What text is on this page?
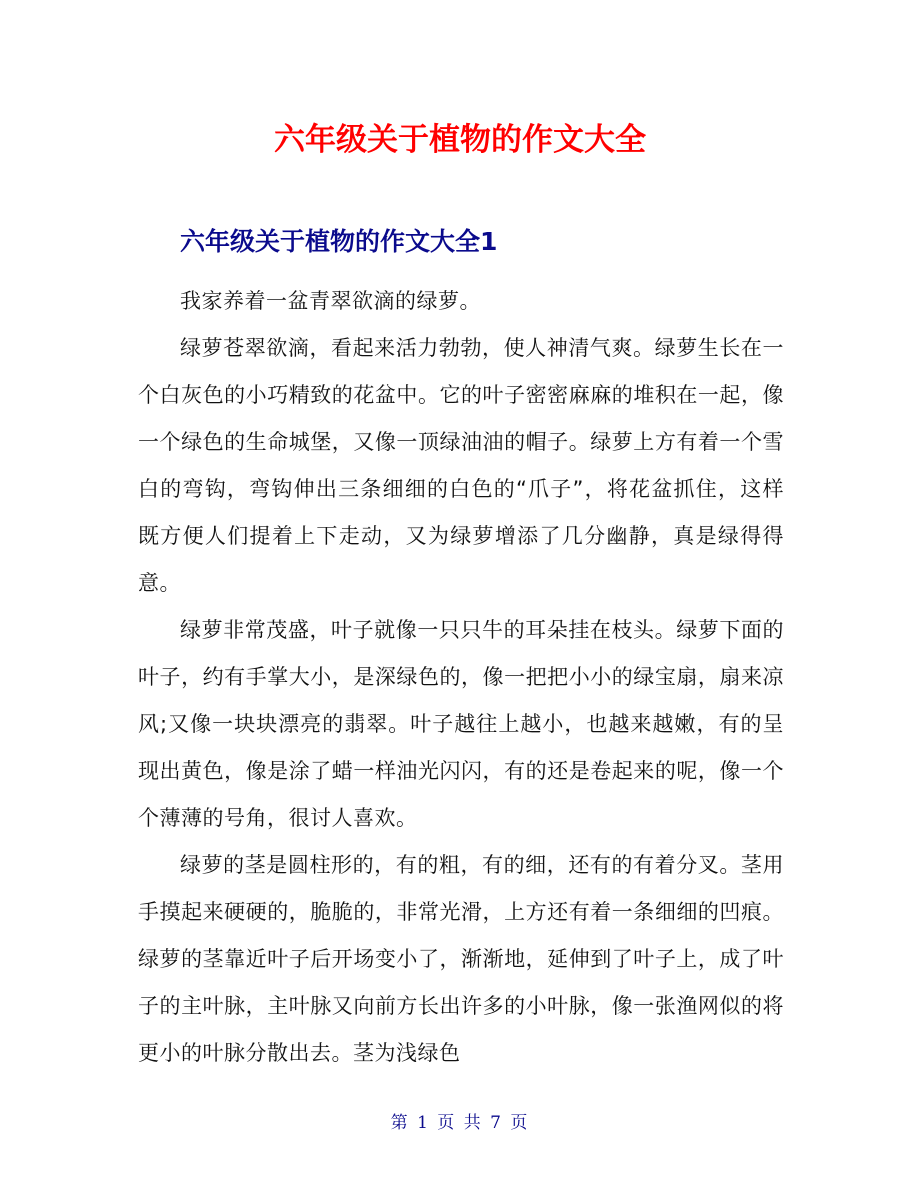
六年级关于植物的作文大全
六年级关于植物的作文大全1

我家养着一盆青翠欲滴的绿萝。

绿萝苍翠欲滴，看起来活力勃勃，使人神清气爽。绿萝生长在一个白灰色的小巧精致的花盆中。它的叶子密密麻麻的堆积在一起，像一个绿色的生命城堡，又像一顶绿油油的帽子。绿萝上方有着一个雪白的弯钩，弯钩伸出三条细细的白色的“爪子”，将花盆抓住，这样既方便人们提着上下走动，又为绿萝增添了几分幽静，真是绿得得意。

绿萝非常茂盛，叶子就像一只只牛的耳朵挂在枝头。绿萝下面的叶子，约有手掌大小，是深绿色的，像一把把小小的绿宝扇，扇来凉风;又像一块块漂亮的翡翠。叶子越往上越小，也越来越嫩，有的呈现出黄色，像是涂了蜡一样油光闪闪，有的还是卷起来的呢，像一个个薄薄的号角，很讨人喜欢。

绿萝的茎是圆柱形的，有的粗，有的细，还有的有着分叉。茎用手摸起来硬硬的，脆脆的，非常光滑，上方还有着一条细细的凹痕。绿萝的茎靠近叶子后开场变小了，渐渐地，延伸到了叶子上，成了叶子的主叶脉，主叶脉又向前方长出许多的小叶脉，像一张渔网似的将更小的叶脉分散出去。茎为浅绿色

第 1 页 共 7 页
